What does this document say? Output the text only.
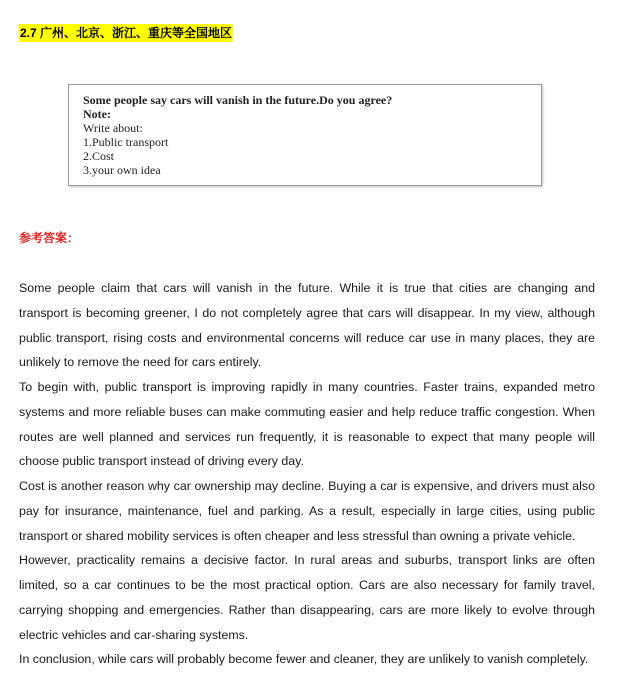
2.7 广州、北京、浙江、重庆等全国地区
Some people say cars will vanish in the future.Do you agree?
Note:
Write about:
1.Public transport
2.Cost
3.your own idea
参考答案：

Some people claim that cars will vanish in the future. While it is true that cities are changing and transport is becoming greener, I do not completely agree that cars will disappear. In my view, although public transport, rising costs and environmental concerns will reduce car use in many places, they are unlikely to remove the need for cars entirely.

To begin with, public transport is improving rapidly in many countries. Faster trains, expanded metro systems and more reliable buses can make commuting easier and help reduce traffic congestion. When routes are well planned and services run frequently, it is reasonable to expect that many people will choose public transport instead of driving every day.

Cost is another reason why car ownership may decline. Buying a car is expensive, and drivers must also pay for insurance, maintenance, fuel and parking. As a result, especially in large cities, using public transport or shared mobility services is often cheaper and less stressful than owning a private vehicle.

However, practicality remains a decisive factor. In rural areas and suburbs, transport links are often limited, so a car continues to be the most practical option. Cars are also necessary for family travel, carrying shopping and emergencies. Rather than disappearing, cars are more likely to evolve through electric vehicles and car-sharing systems.

In conclusion, while cars will probably become fewer and cleaner, they are unlikely to vanish completely.
